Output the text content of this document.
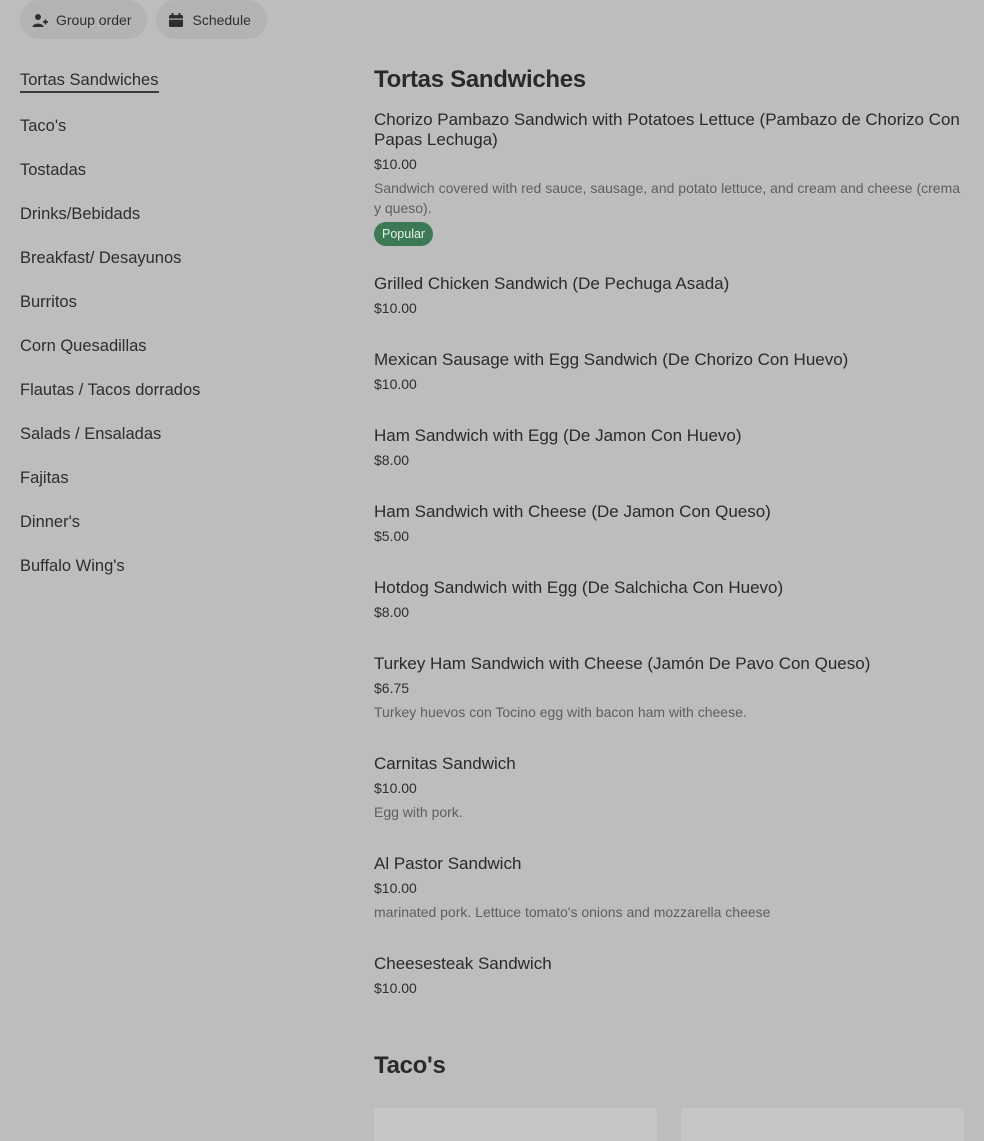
Group order	Schedule
Tortas Sandwiches
Taco's
Tostadas
Drinks/Bebidads
Breakfast/ Desayunos
Burritos
Corn Quesadillas
Flautas / Tacos dorrados
Salads / Ensaladas
Fajitas
Dinner's
Buffalo Wing's
Tortas Sandwiches
Chorizo Pambazo Sandwich with Potatoes Lettuce (Pambazo de Chorizo Con Papas Lechuga)
$10.00
Sandwich covered with red sauce, sausage, and potato lettuce, and cream and cheese (crema y queso).
Popular
Grilled Chicken Sandwich (De Pechuga Asada)
$10.00
Mexican Sausage with Egg Sandwich (De Chorizo Con Huevo)
$10.00
Ham Sandwich with Egg (De Jamon Con Huevo)
$8.00
Ham Sandwich with Cheese (De Jamon Con Queso)
$5.00
Hotdog Sandwich with Egg (De Salchicha Con Huevo)
$8.00
Turkey Ham Sandwich with Cheese (Jamón De Pavo Con Queso)
$6.75
Turkey huevos con Tocino egg with bacon ham with cheese.
Carnitas Sandwich
$10.00
Egg with pork.
Al Pastor Sandwich
$10.00
marinated pork. Lettuce tomato's onions and mozzarella cheese
Cheesesteak Sandwich
$10.00
Taco's
